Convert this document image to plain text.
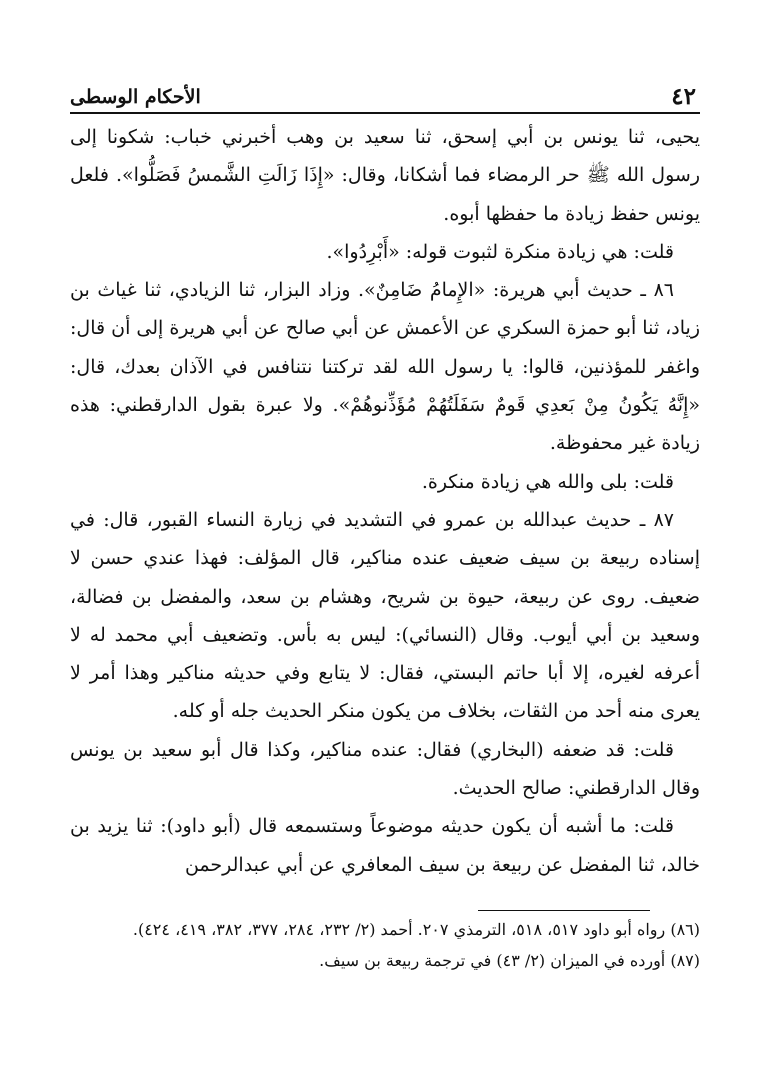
٤٢
الأحكام الوسطى

يحيى، ثنا يونس بن أبي إسحق، ثنا سعيد بن وهب أخبرني خباب: شكونا إلى رسول الله ﷺ حر الرمضاء فما أشكانا، وقال: «إِذَا زَالَتِ الشَّمسُ فَصَلُّوا». فلعل يونس حفظ زيادة ما حفظها أبوه.

قلت: هي زيادة منكرة لثبوت قوله: «أَبْرِدُوا».

٨٦ ـ حديث أبي هريرة: «الإِمامُ ضَامِنٌ». وزاد البزار، ثنا الزيادي، ثنا غياث بن زياد، ثنا أبو حمزة السكري عن الأعمش عن أبي صالح عن أبي هريرة إلى أن قال: واغفر للمؤذنين، قالوا: يا رسول الله لقد تركتنا نتنافس في الآذان بعدك، قال: «إِنَّهُ يَكُونُ مِنْ بَعدِي قَومٌ سَفَلَتُهُمْ مُؤَذِّنوهُمْ». ولا عبرة بقول الدارقطني: هذه زيادة غير محفوظة.

قلت: بلى والله هي زيادة منكرة.

٨٧ ـ حديث عبدالله بن عمرو في التشديد في زيارة النساء القبور، قال: في إسناده ربيعة بن سيف ضعيف عنده مناكير، قال المؤلف: فهذا عندي حسن لا ضعيف. روى عن ربيعة، حيوة بن شريح، وهشام بن سعد، والمفضل بن فضالة، وسعيد بن أبي أيوب. وقال (النسائي): ليس به بأس. وتضعيف أبي محمد له لا أعرفه لغيره، إلا أبا حاتم البستي، فقال: لا يتابع وفي حديثه مناكير وهذا أمر لا يعرى منه أحد من الثقات، بخلاف من يكون منكر الحديث جله أو كله.

قلت: قد ضعفه (البخاري) فقال: عنده مناكير، وكذا قال أبو سعيد بن يونس وقال الدارقطني: صالح الحديث.

قلت: ما أشبه أن يكون حديثه موضوعاً وستسمعه قال (أبو داود): ثنا يزيد بن خالد، ثنا المفضل عن ربيعة بن سيف المعافري عن أبي عبدالرحمن

(٨٦) رواه أبو داود ٥١٧، ٥١٨، الترمذي ٢٠٧. أحمد (٢/ ٢٣٢، ٢٨٤، ٣٧٧، ٣٨٢، ٤١٩، ٤٢٤).

(٨٧) أورده في الميزان (٢/ ٤٣) في ترجمة ربيعة بن سيف.
